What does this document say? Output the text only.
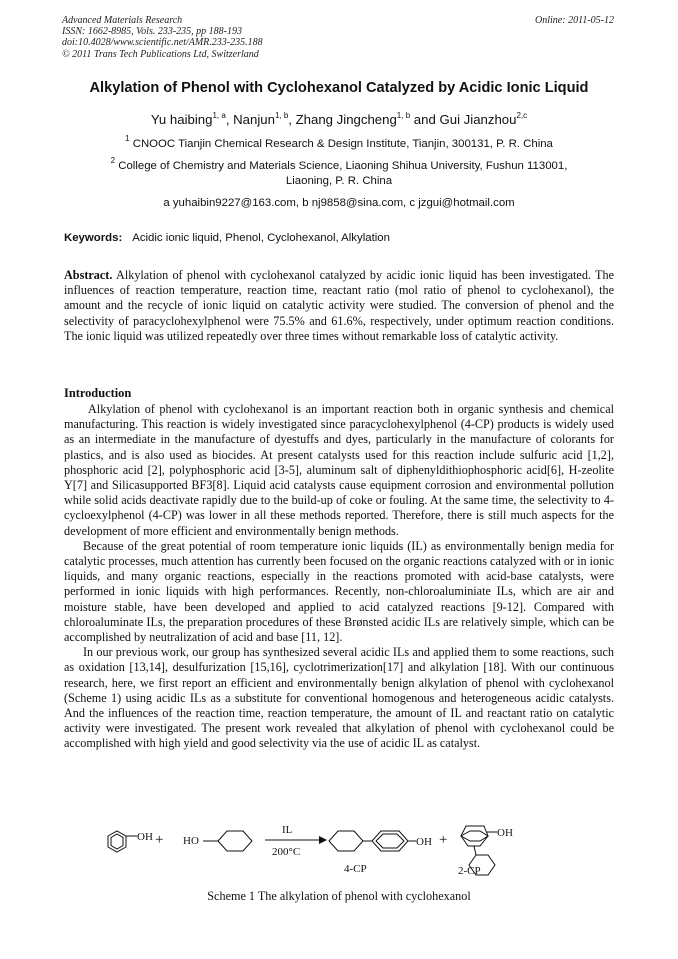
Advanced Materials Research
ISSN: 1662-8985, Vols. 233-235, pp 188-193
doi:10.4028/www.scientific.net/AMR.233-235.188
© 2011 Trans Tech Publications Ltd, Switzerland
Online: 2011-05-12
Alkylation of Phenol with Cyclohexanol Catalyzed by Acidic Ionic Liquid
Yu haibing$^{1, a}$, Nanjun$^{1, b}$, Zhang Jingcheng$^{1, b}$ and Gui Jianzhou$^{2,c}$
$^1$ CNOOC Tianjin Chemical Research & Design Institute, Tianjin, 300131, P. R. China
$^2$ College of Chemistry and Materials Science, Liaoning Shihua University, Fushun 113001,
Liaoning, P. R. China
a yuhaibin9227@163.com, b nj9858@sina.com, c jzgui@hotmail.com
Keywords: Acidic ionic liquid, Phenol, Cyclohexanol, Alkylation
Abstract. Alkylation of phenol with cyclohexanol catalyzed by acidic ionic liquid has been investigated. The influences of reaction temperature, reaction time, reactant ratio (mol ratio of phenol to cyclohexanol), the amount and the recycle of ionic liquid on catalytic activity were studied. The conversion of phenol and the selectivity of paracyclohexylphenol were 75.5% and 61.6%, respectively, under optimum reaction conditions. The ionic liquid was utilized repeatedly over three times without remarkable loss of catalytic activity.
Introduction

Alkylation of phenol with cyclohexanol is an important reaction both in organic synthesis and chemical manufacturing. This reaction is widely investigated since paracyclohexylphenol (4-CP) products is widely used as an intermediate in the manufacture of dyestuffs and dyes, particularly in the manufacture of colorants for plastics, and is also used as biocides. At present catalysts used for this reaction include sulfuric acid [1,2], phosphoric acid [2], polyphosphoric acid [3-5], aluminum salt of diphenyldithiophosphoric acid[6], H-zeolite Y[7] and Silicasupported BF3[8]. Liquid acid catalysts cause equipment corrosion and environmental pollution while solid acids deactivate rapidly due to the build-up of coke or fouling. At the same time, the selectivity to 4-cycloexylphenol (4-CP) was lower in all these methods reported. Therefore, there is still much aspects for the development of more efficient and environmentally benign methods.

Because of the great potential of room temperature ionic liquids (IL) as environmentally benign media for catalytic processes, much attention has currently been focused on the organic reactions catalyzed with or in ionic liquids, and many organic reactions, especially in the reactions promoted with acid-base catalysts, were performed in ionic liquids with high performances. Recently, non-chloroaluminiate ILs, which are air and moisture stable, have been developed and applied to acid catalyzed reactions [9-12]. Compared with chloroaluminate ILs, the preparation procedures of these Brønsted acidic ILs are relatively simple, which can be accomplished by neutralization of acid and base [11, 12].

In our previous work, our group has synthesized several acidic ILs and applied them to some reactions, such as oxidation [13,14], desulfurization [15,16], cyclotrimerization[17] and alkylation [18]. With our continuous research, here, we first report an efficient and environmentally benign alkylation of phenol with cyclohexanol (Scheme 1) using acidic ILs as a substitute for conventional homogenous and heterogeneous acidic catalysts. And the influences of the reaction time, reaction temperature, the amount of IL and reactant ratio on catalytic activity were investigated. The present work revealed that alkylation of phenol with cyclohexanol could be accomplished with high yield and good selectivity via the use of acidic IL as catalyst.

OH + HO
IL
200°C
OH +	OH
4-CP	2-CP
Scheme 1 The alkylation of phenol with cyclohexanol
